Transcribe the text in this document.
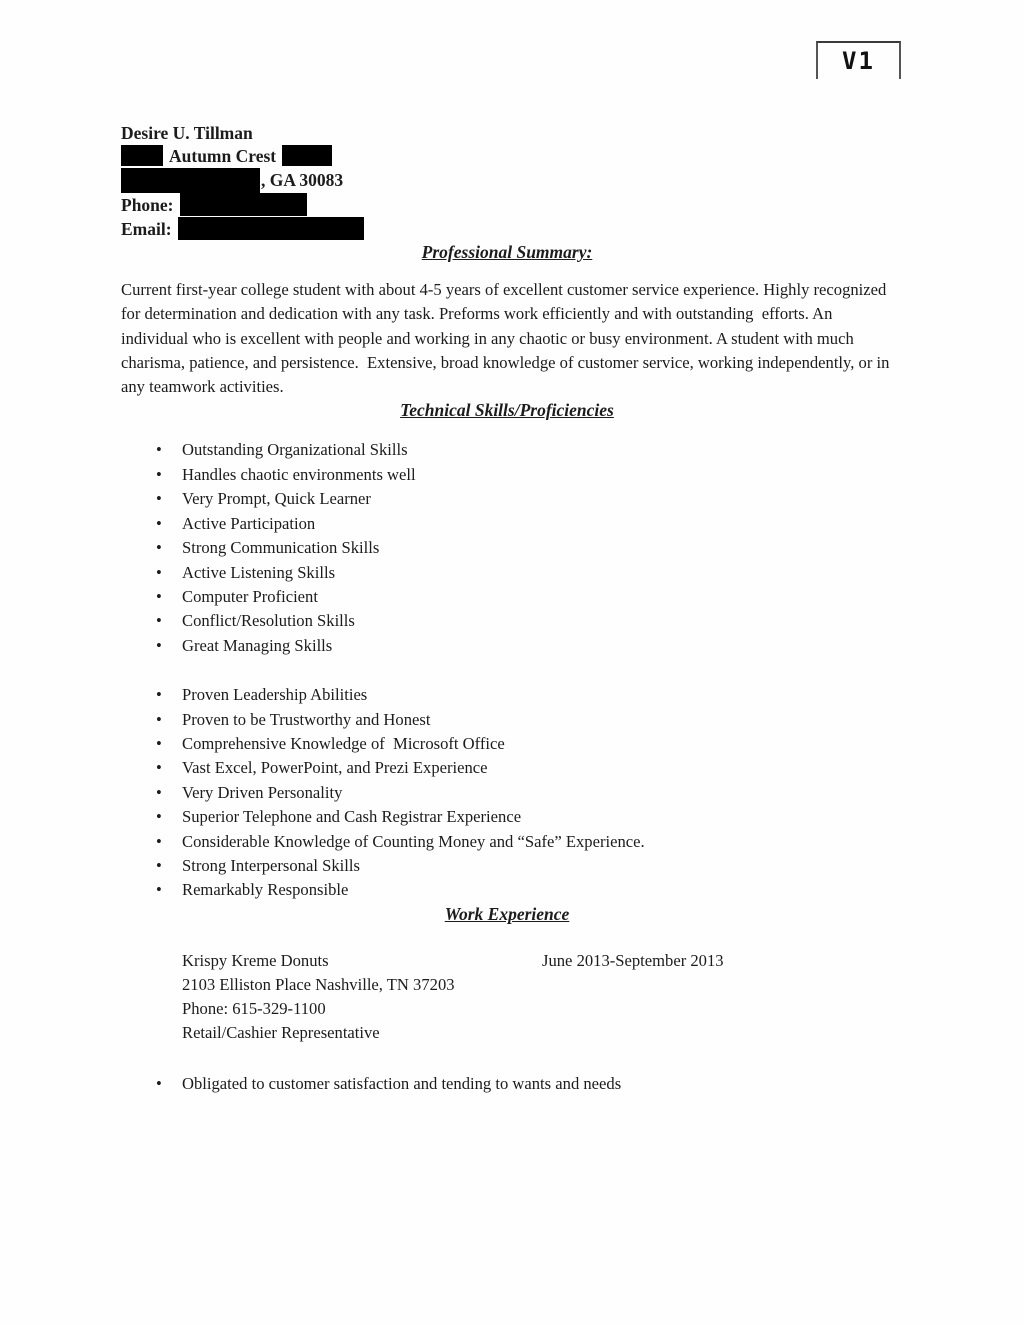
V1
Desire U. Tillman
Autumn Crest
, GA 30083
Phone:
Email:
Professional Summary:

Current first-year college student with about 4-5 years of excellent customer service experience. Highly recognized for determination and dedication with any task. Preforms work efficiently and with outstanding  efforts. An individual who is excellent with people and working in any chaotic or busy environment. A student with much charisma, patience, and persistence.  Extensive, broad knowledge of customer service, working independently, or in any teamwork activities.

Technical Skills/Proficiencies
• Outstanding Organizational Skills
• Handles chaotic environments well
• Very Prompt, Quick Learner
• Active Participation
• Strong Communication Skills
• Active Listening Skills
• Computer Proficient
• Conflict/Resolution Skills
• Great Managing Skills
• Proven Leadership Abilities
• Proven to be Trustworthy and Honest
• Comprehensive Knowledge of  Microsoft Office
• Vast Excel, PowerPoint, and Prezi Experience
• Very Driven Personality
• Superior Telephone and Cash Registrar Experience
• Considerable Knowledge of Counting Money and “Safe” Experience.
• Strong Interpersonal Skills
• Remarkably Responsible
Work Experience
Krispy Kreme Donuts	June 2013-September 2013
2103 Elliston Place Nashville, TN 37203
Phone: 615-329-1100
Retail/Cashier Representative
• Obligated to customer satisfaction and tending to wants and needs
